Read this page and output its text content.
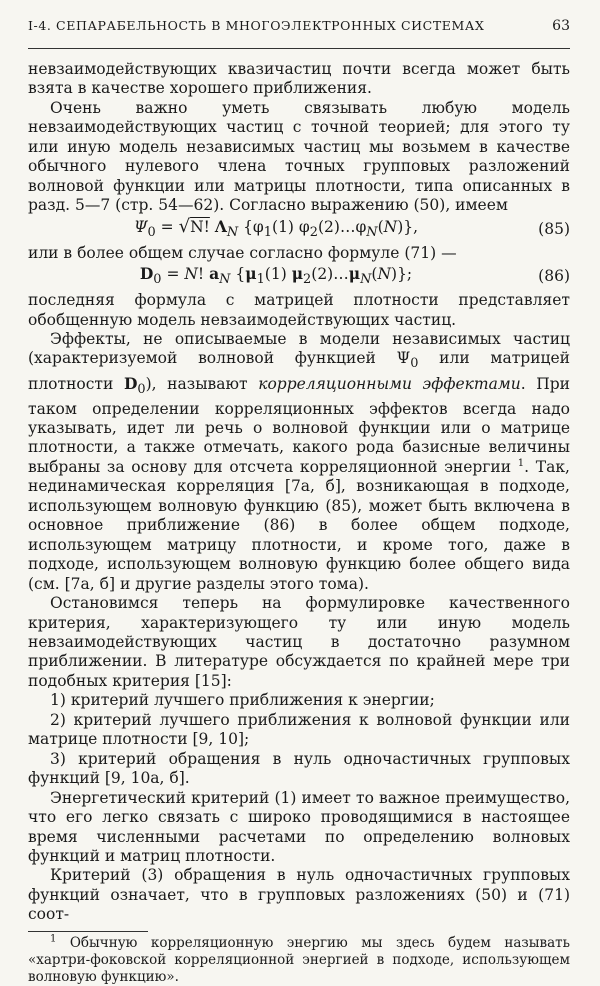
I-4. СЕПАРАБЕЛЬНОСТЬ В МНОГОЭЛЕКТРОННЫХ СИСТЕМАХ	63

невзаимодействующих квазичастиц почти всегда может быть взята в качестве хорошего приближения.

Очень важно уметь связывать любую модель невзаимодействующих частиц с точной теорией; для этого ту или иную модель независимых частиц мы возьмем в качестве обычного нулевого члена точных групповых разложений волновой функции или матрицы плотности, типа описанных в разд. 5—7 (стр. 54—62). Согласно выражению (50), имеем

$\Psi_0 = √N$! $\Lambda_N$ {$\varphi_1(1)$ $\varphi_2(2)\dots\varphi_N(N)$},	(85)

или в более общем случае согласно формуле (71) —

$D_0 = N$! $a_N$ {$\mu_1(1)$ $\mu_2(2)\dots\mu_N(N)$};	(86)

последняя формула с матрицей плотности представляет обобщенную модель невзаимодействующих частиц.

Эффекты, не описываемые в модели независимых частиц (характеризуемой волновой функцией $\Psi_0$ или матрицей плотности $D_0$), называют корреляционными эффектами. При таком определении корреляционных эффектов всегда надо указывать, идет ли речь о волновой функции или о матрице плотности, а также отмечать, какого рода базисные величины выбраны за основу для отсчета корреляционной энергии $^1$. Так, нединамическая корреляция [7a, б], возникающая в подходе, использующем волновую функцию (85), может быть включена в основное приближение (86) в более общем подходе, использующем матрицу плотности, и кроме того, даже в подходе, использующем волновую функцию более общего вида (см. [7a, б] и другие разделы этого тома).

Остановимся теперь на формулировке качественного критерия, характеризующего ту или иную модель невзаимодействующих частиц в достаточно разумном приближении. В литературе обсуждается по крайней мере три подобных критерия [15]:

1) критерий лучшего приближения к энергии;

2) критерий лучшего приближения к волновой функции или матрице плотности [9, 10];

3) критерий обращения в нуль одночастичных групповых функций [9, 10a, б].

Энергетический критерий (1) имеет то важное преимущество, что его легко связать с широко проводящимися в настоящее время численными расчетами по определению волновых функций и матриц плотности.

Критерий (3) обращения в нуль одночастичных групповых функций означает, что в групповых разложениях (50) и (71) соот-

$^1$ Обычную корреляционную энергию мы здесь будем называть «хартри-фоковской корреляционной энергией в подходе, использующем волновую функцию».
